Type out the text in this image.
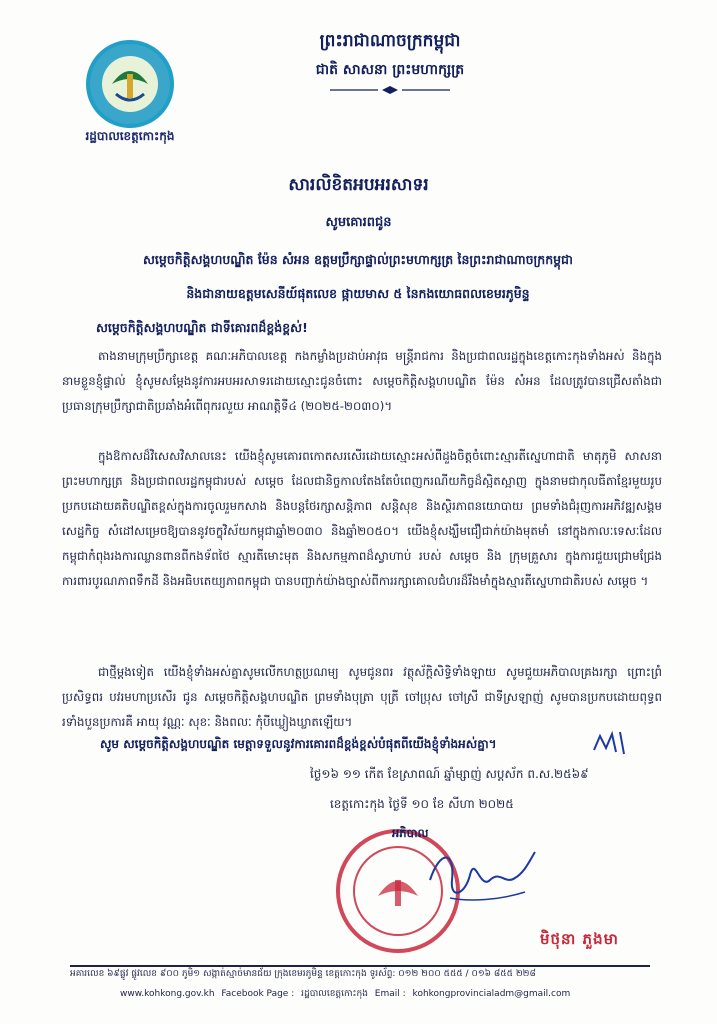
រដ្ឋបាលខេត្តកោះកុង
ព្រះរាជាណាចក្រកម្ពុជា
ជាតិ សាសនា ព្រះមហាក្សត្រ
សារលិខិតអបអរសាទរ
សូមគោរពជូន
សម្ដេចកិត្តិសង្គហបណ្ឌិត ម៉ែន សំអន ឧត្តមប្រឹក្សាផ្ទាល់ព្រះមហាក្សត្រ នៃព្រះរាជាណាចក្រកម្ពុជា
និងជានាយឧត្តមសេនីយ៍ផុតលេខ ផ្កាយមាស ៥ នៃកងយោធពលខេមរភូមិន្ទ
សម្ដេចកិត្តិសង្គហបណ្ឌិត ជាទីគោរពដ៏ខ្ពង់ខ្ពស់!
តាងនាមក្រុមប្រឹក្សាខេត្ត គណៈអភិបាលខេត្ត កងកម្លាំងប្រដាប់អាវុធ មន្ត្រីរាជការ និងប្រជាពលរដ្ឋក្នុងខេត្តកោះកុងទាំងអស់ និងក្នុងនាមខ្លួនខ្ញុំផ្ទាល់ ខ្ញុំសូមសម្ដែងនូវការអបអរសាទរដោយស្មោះជូនចំពោះ សម្ដេចកិត្តិសង្គហបណ្ឌិត ម៉ែន សំអន ដែលត្រូវបានជ្រើសតាំងជា ប្រធានក្រុមប្រឹក្សាជាតិប្រឆាំងអំពើពុករលួយ អាណត្តិទី៤ (២០២៥-២០៣០)។
ក្នុងឱកាសដ៏វិសេសវិសាលនេះ យើងខ្ញុំសូមគោរពកោតសរសើរដោយស្មោះអស់ពីដួងចិត្តចំពោះស្មារតីស្នេហាជាតិ មាតុភូមិ សាសនា ព្រះមហាក្សត្រ និងប្រជាពលរដ្ឋកម្ពុជារបស់ សម្ដេច ដែលជានិច្ចកាលតែងតែបំពេញករណីយកិច្ចដ៏ស្អិតស្អាញ ក្នុងនាមជាកុលធីតាខ្មែរមួយរូប ប្រកបដោយគតិបណ្ឌិតខ្ពស់ក្នុងការចូលរួមកសាង និងបន្តថែរក្សាសន្តិភាព សន្តិសុខ និងស្ថិរភាពនយោបាយ ព្រមទាំងជំរុញការអភិវឌ្ឍសង្គម សេដ្ឋកិច្ច សំដៅសម្រេចឱ្យបាននូវចក្ខុវិស័យកម្ពុជាឆ្នាំ២០៣០ និងឆ្នាំ២០៥០។ យើងខ្ញុំសង្ឃឹមជឿជាក់យ៉ាងមុតមាំ នៅក្នុងកាលៈទេសៈដែលកម្ពុជាកំពុងរងការឈ្លានពានពីកងទ័ពថៃ ស្មារតីមោះមុត និងសកម្មភាពដ៏ស្វាហាប់ របស់ សម្ដេច និង ក្រុមគ្រួសារ ក្នុងការជួយជ្រោមជ្រែង ការពារបូរណភាពទឹកដី និងអធិបតេយ្យភាពកម្ពុជា បានបញ្ជាក់យ៉ាងច្បាស់ពីការរក្សាគោលជំហរដ៏រឹងមាំក្នុងស្មារតីស្នេហាជាតិរបស់ សម្ដេច ។
ជាថ្មីម្ដងទៀត យើងខ្ញុំទាំងអស់គ្នាសូមលើកហត្ថប្រណម្យ សូមជូនពរ វត្ថុស័ក្តិសិទ្ធិទាំងឡាយ សូមជួយអភិបាលគ្រងរក្សា ព្រោះព្រំ ប្រសិទ្ធពរ បវរមហាប្រសើរ ជូន សម្ដេចកិត្តិសង្គហបណ្ឌិត ព្រមទាំងបុត្រា បុត្រី ចៅប្រុស ចៅស្រី ជាទីស្រឡាញ់ សូមបានប្រកបដោយពុទ្ធពរទាំងបួនប្រការគឺ អាយុ វណ្ណៈ សុខៈ និងពលៈ កុំបីឃ្លៀងឃ្លាតឡើយ។
សូម សម្ដេចកិត្តិសង្គហបណ្ឌិត មេត្តាទទួលនូវការគោរពដ៏ខ្ពង់ខ្ពស់បំផុតពីយើងខ្ញុំទាំងអស់គ្នា។
ថ្ងៃ១៦ ១១ កើត ខែស្រាពណ៍ ឆ្នាំម្សាញ់ សប្ដស័ក ព.ស.២៥៦៩
ខេត្តកោះកុង ថ្ងៃទី ១០ ខែ សីហា ២០២៥
អភិបាល
មិថុនា ភួងមា
អគារលេខ ៦៩ផ្លូវ ផ្លូវលេខ ៩០០ ភូមិ១ សង្កាត់ស្មាច់មានជ័យ ក្រុងខេមរភូមិន្ទ ខេត្តកោះកុង ទូរស័ព្ទ: ០១២ ២០០ ៥៥៥ / ០១៦ ៨៥៥ ២២៨
www.kohkong.gov.kh Facebook Page : រដ្ឋបាលខេត្តកោះកុង Email : kohkongprovincialadm@gmail.com
